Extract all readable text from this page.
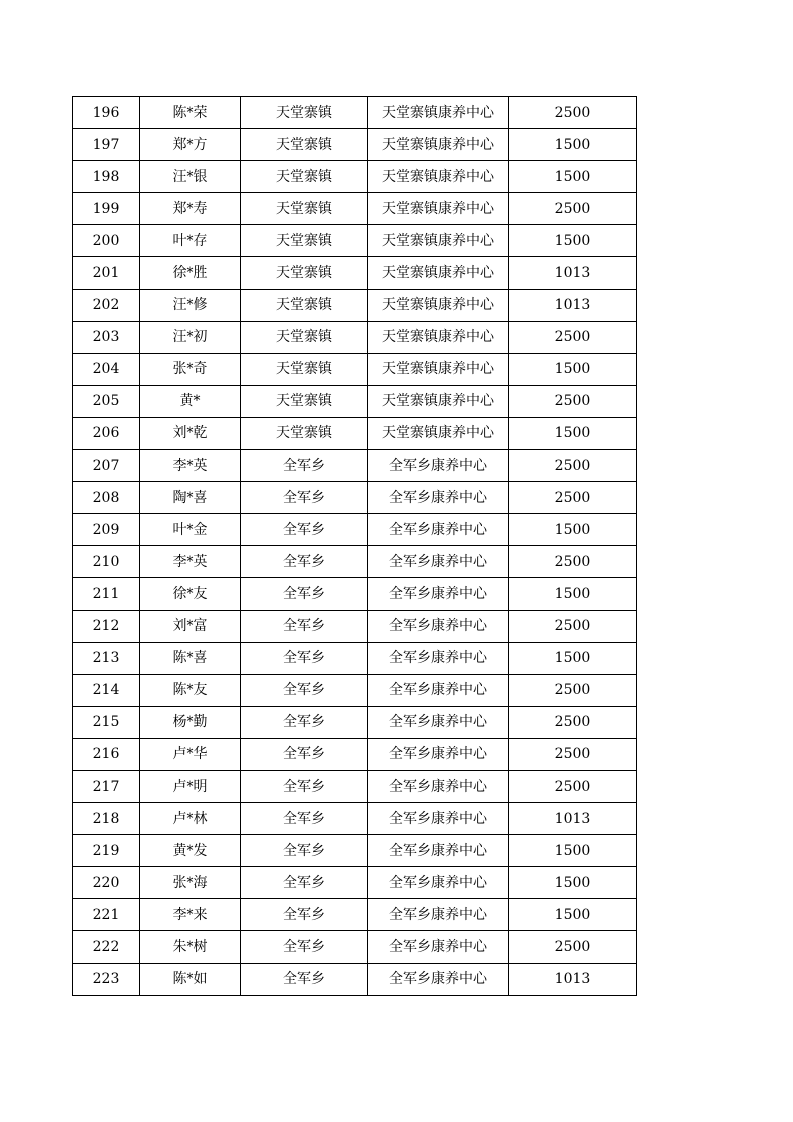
196	陈*荣	天堂寨镇	天堂寨镇康养中心	2500
197	郑*方	天堂寨镇	天堂寨镇康养中心	1500
198	汪*银	天堂寨镇	天堂寨镇康养中心	1500
199	郑*寿	天堂寨镇	天堂寨镇康养中心	2500
200	叶*存	天堂寨镇	天堂寨镇康养中心	1500
201	徐*胜	天堂寨镇	天堂寨镇康养中心	1013
202	汪*修	天堂寨镇	天堂寨镇康养中心	1013
203	汪*初	天堂寨镇	天堂寨镇康养中心	2500
204	张*奇	天堂寨镇	天堂寨镇康养中心	1500
205	黄*	天堂寨镇	天堂寨镇康养中心	2500
206	刘*乾	天堂寨镇	天堂寨镇康养中心	1500
207	李*英	全军乡	全军乡康养中心	2500
208	陶*喜	全军乡	全军乡康养中心	2500
209	叶*金	全军乡	全军乡康养中心	1500
210	李*英	全军乡	全军乡康养中心	2500
211	徐*友	全军乡	全军乡康养中心	1500
212	刘*富	全军乡	全军乡康养中心	2500
213	陈*喜	全军乡	全军乡康养中心	1500
214	陈*友	全军乡	全军乡康养中心	2500
215	杨*勤	全军乡	全军乡康养中心	2500
216	卢*华	全军乡	全军乡康养中心	2500
217	卢*明	全军乡	全军乡康养中心	2500
218	卢*林	全军乡	全军乡康养中心	1013
219	黄*发	全军乡	全军乡康养中心	1500
220	张*海	全军乡	全军乡康养中心	1500
221	李*来	全军乡	全军乡康养中心	1500
222	朱*树	全军乡	全军乡康养中心	2500
223	陈*如	全军乡	全军乡康养中心	1013
